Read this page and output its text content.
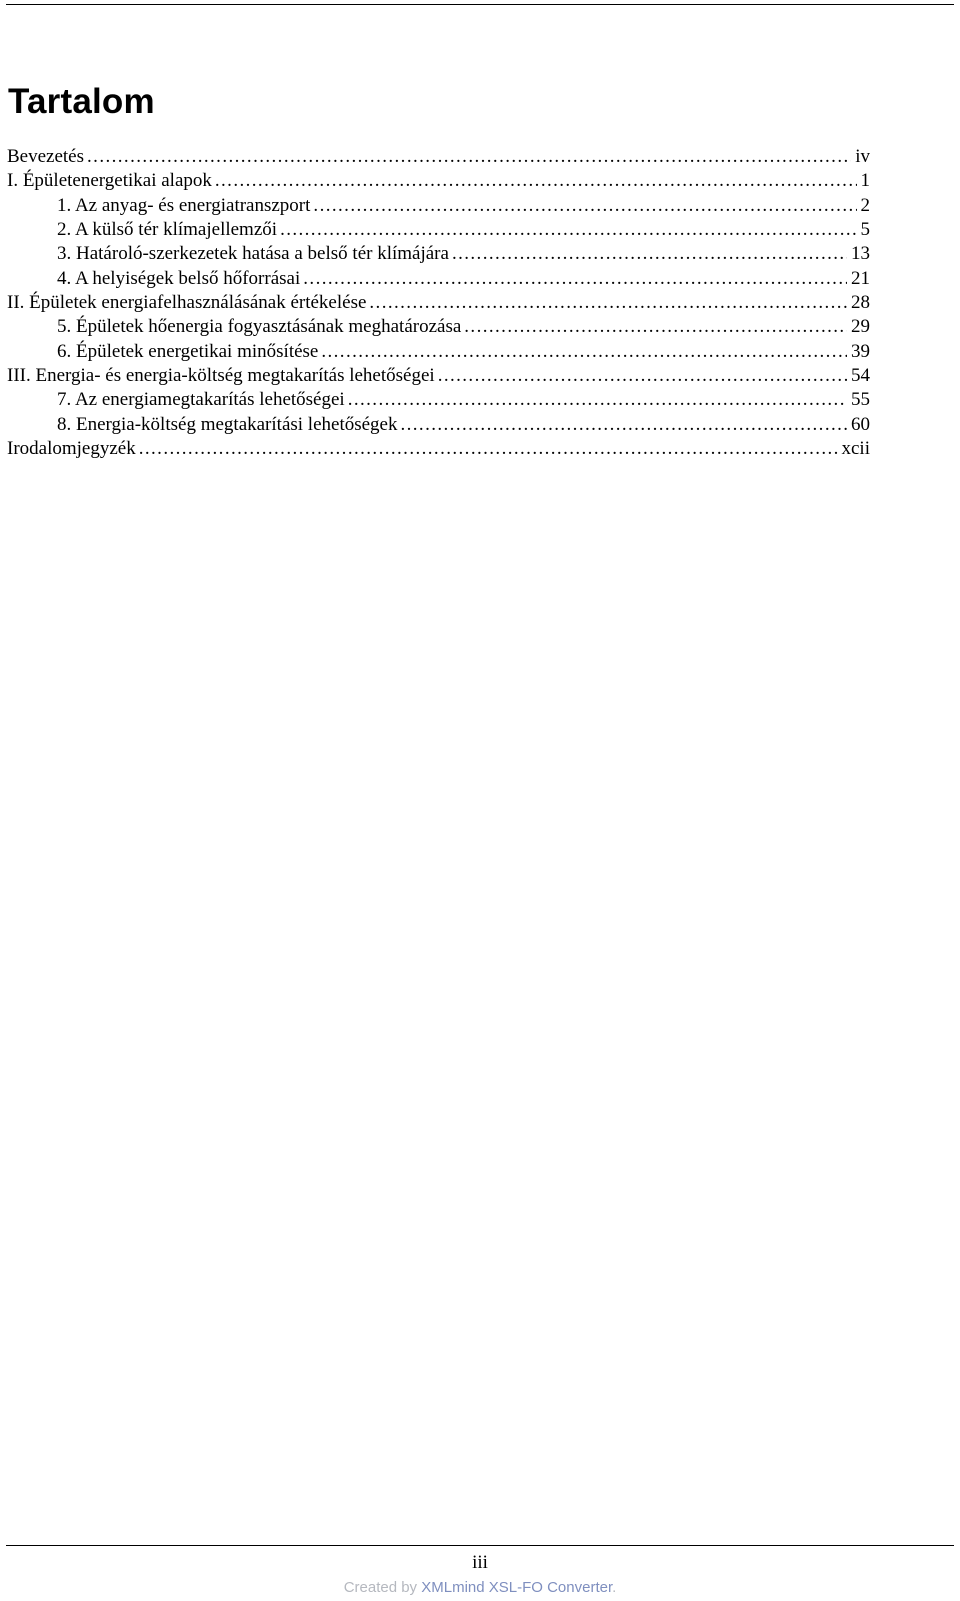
Tartalom
Bevezetés .....	iv
I. Épületenergetikai alapok .....	1
1. Az anyag- és energiatranszport .....	2
2. A külső tér klímajellemzői .....	5
3. Határoló-szerkezetek hatása a belső tér klímájára .....	13
4. A helyiségek belső hőforrásai .....	21
II. Épületek energiafelhasználásának értékelése .....	28
5. Épületek hőenergia fogyasztásának meghatározása .....	29
6. Épületek energetikai minősítése .....	39
III. Energia- és energia-költség megtakarítás lehetőségei .....	54
7. Az energiamegtakarítás lehetőségei .....	55
8. Energia-költség megtakarítási lehetőségek .....	60
Irodalomjegyzék .....	xcii
iii
Created by XMLmind XSL-FO Converter.
